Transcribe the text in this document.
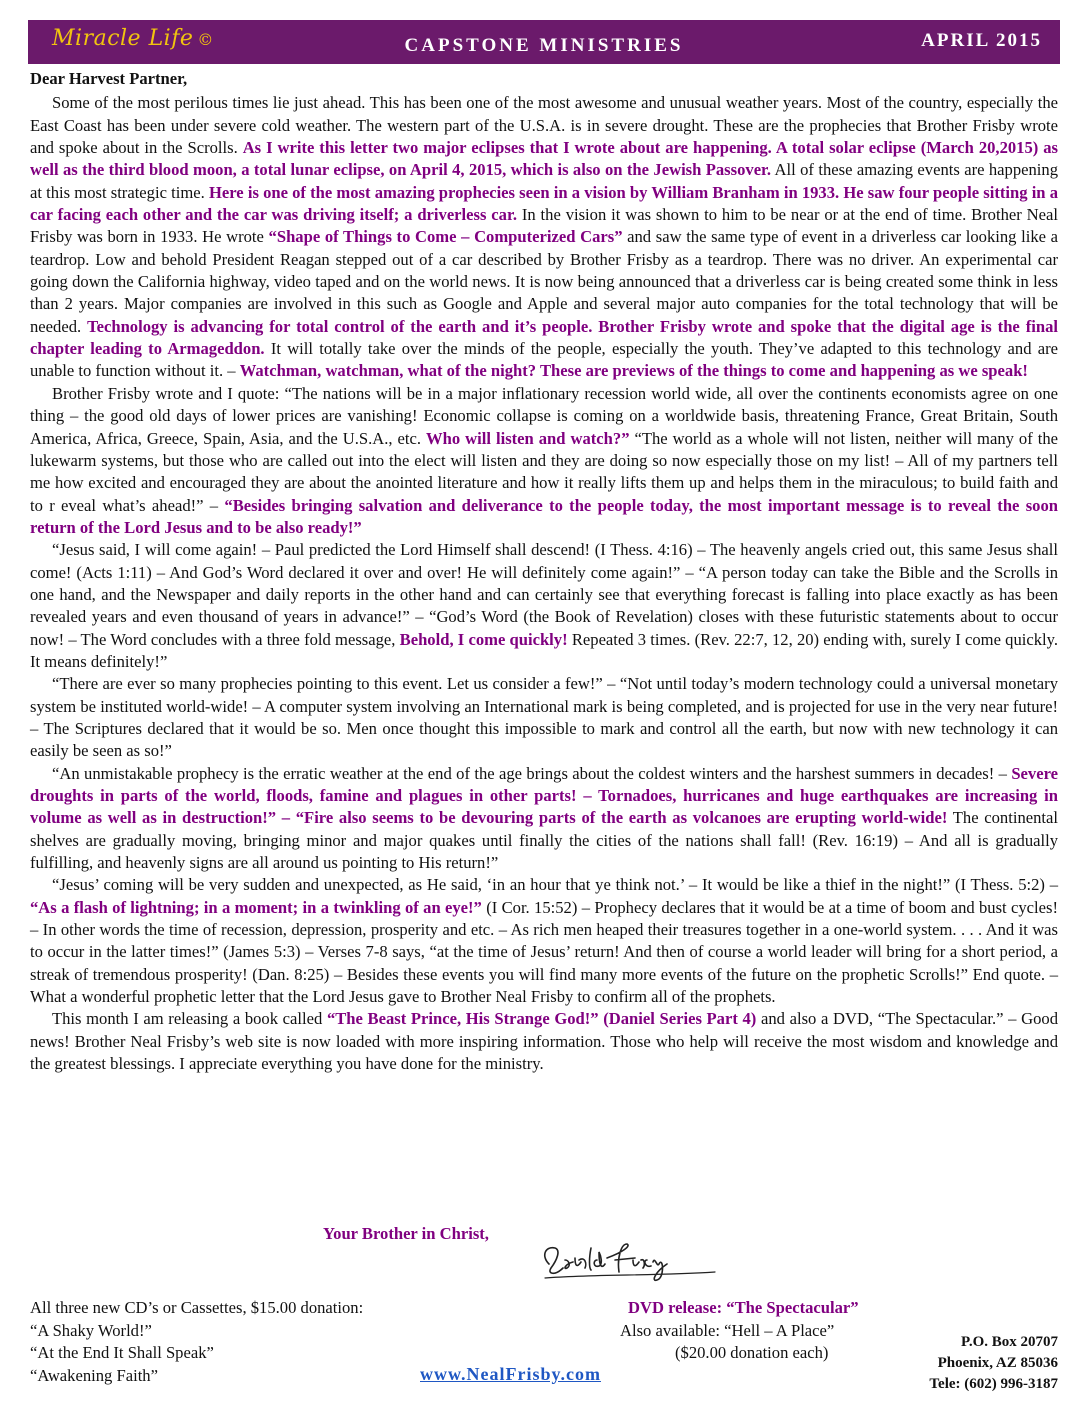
Miracle Life ©	CAPSTONE MINISTRIES	APRIL 2015
Dear Harvest Partner,

Some of the most perilous times lie just ahead. This has been one of the most awesome and unusual weather years. Most of the country, especially the East Coast has been under severe cold weather. The western part of the U.S.A. is in severe drought. These are the prophecies that Brother Frisby wrote and spoke about in the Scrolls. As I write this letter two major eclipses that I wrote about are happening. A total solar eclipse (March 20,2015) as well as the third blood moon, a total lunar eclipse, on April 4, 2015, which is also on the Jewish Passover. All of these amazing events are happening at this most strategic time. Here is one of the most amazing prophecies seen in a vision by William Branham in 1933. He saw four people sitting in a car facing each other and the car was driving itself; a driverless car. In the vision it was shown to him to be near or at the end of time. Brother Neal Frisby was born in 1933. He wrote “Shape of Things to Come – Computerized Cars” and saw the same type of event in a driverless car looking like a teardrop. Low and behold President Reagan stepped out of a car described by Brother Frisby as a teardrop. There was no driver. An experimental car going down the California highway, video taped and on the world news. It is now being announced that a driverless car is being created some think in less than 2 years. Major companies are involved in this such as Google and Apple and several major auto companies for the total technology that will be needed. Technology is advancing for total control of the earth and it’s people. Brother Frisby wrote and spoke that the digital age is the final chapter leading to Armageddon. It will totally take over the minds of the people, especially the youth. They’ve adapted to this technology and are unable to function without it. – Watchman, watchman, what of the night? These are previews of the things to come and happening as we speak!

Brother Frisby wrote and I quote: “The nations will be in a major inflationary recession world wide, all over the continents economists agree on one thing – the good old days of lower prices are vanishing! Economic collapse is coming on a worldwide basis, threatening France, Great Britain, South America, Africa, Greece, Spain, Asia, and the U.S.A., etc. Who will listen and watch?” “The world as a whole will not listen, neither will many of the lukewarm systems, but those who are called out into the elect will listen and they are doing so now especially those on my list! – All of my partners tell me how excited and encouraged they are about the anointed literature and how it really lifts them up and helps them in the miraculous; to build faith and to r eveal what’s ahead!” – “Besides bringing salvation and deliverance to the people today, the most important message is to reveal the soon return of the Lord Jesus and to be also ready!”

“Jesus said, I will come again! – Paul predicted the Lord Himself shall descend! (I Thess. 4:16) – The heavenly angels cried out, this same Jesus shall come! (Acts 1:11) – And God’s Word declared it over and over! He will definitely come again!” – “A person today can take the Bible and the Scrolls in one hand, and the Newspaper and daily reports in the other hand and can certainly see that everything forecast is falling into place exactly as has been revealed years and even thousand of years in advance!” – “God’s Word (the Book of Revelation) closes with these futuristic statements about to occur now! – The Word concludes with a three fold message, Behold, I come quickly! Repeated 3 times. (Rev. 22:7, 12, 20) ending with, surely I come quickly. It means definitely!”

“There are ever so many prophecies pointing to this event. Let us consider a few!” – “Not until today’s modern technology could a universal monetary system be instituted world-wide! – A computer system involving an International mark is being completed, and is projected for use in the very near future! – The Scriptures declared that it would be so. Men once thought this impossible to mark and control all the earth, but now with new technology it can easily be seen as so!”

“An unmistakable prophecy is the erratic weather at the end of the age brings about the coldest winters and the harshest summers in decades! – Severe droughts in parts of the world, floods, famine and plagues in other parts! – Tornadoes, hurricanes and huge earthquakes are increasing in volume as well as in destruction!” – “Fire also seems to be devouring parts of the earth as volcanoes are erupting world-wide! The continental shelves are gradually moving, bringing minor and major quakes until finally the cities of the nations shall fall! (Rev. 16:19) – And all is gradually fulfilling, and heavenly signs are all around us pointing to His return!”

“Jesus’ coming will be very sudden and unexpected, as He said, ‘in an hour that ye think not.’ – It would be like a thief in the night!” (I Thess. 5:2) – “As a flash of lightning; in a moment; in a twinkling of an eye!” (I Cor. 15:52) – Prophecy declares that it would be at a time of boom and bust cycles! – In other words the time of recession, depression, prosperity and etc. – As rich men heaped their treasures together in a one-world system. . . . And it was to occur in the latter times!” (James 5:3) – Verses 7-8 says, “at the time of Jesus’ return! And then of course a world leader will bring for a short period, a streak of tremendous prosperity! (Dan. 8:25) – Besides these events you will find many more events of the future on the prophetic Scrolls!” End quote. – What a wonderful prophetic letter that the Lord Jesus gave to Brother Neal Frisby to confirm all of the prophets.

This month I am releasing a book called “The Beast Prince, His Strange God!” (Daniel Series Part 4) and also a DVD, “The Spectacular.” – Good news! Brother Neal Frisby’s web site is now loaded with more inspiring information. Those who help will receive the most wisdom and knowledge and the greatest blessings. I appreciate everything you have done for the ministry.

Your Brother in Christ,
All three new CD’s or Cassettes, $15.00 donation:
“A Shaky World!”
“At the End It Shall Speak”
“Awakening Faith”
DVD release: “The Spectacular”
Also available: “Hell – A Place”
($20.00 donation each)
www.NealFrisby.com
P.O. Box 20707
Phoenix, AZ 85036
Tele: (602) 996-3187
